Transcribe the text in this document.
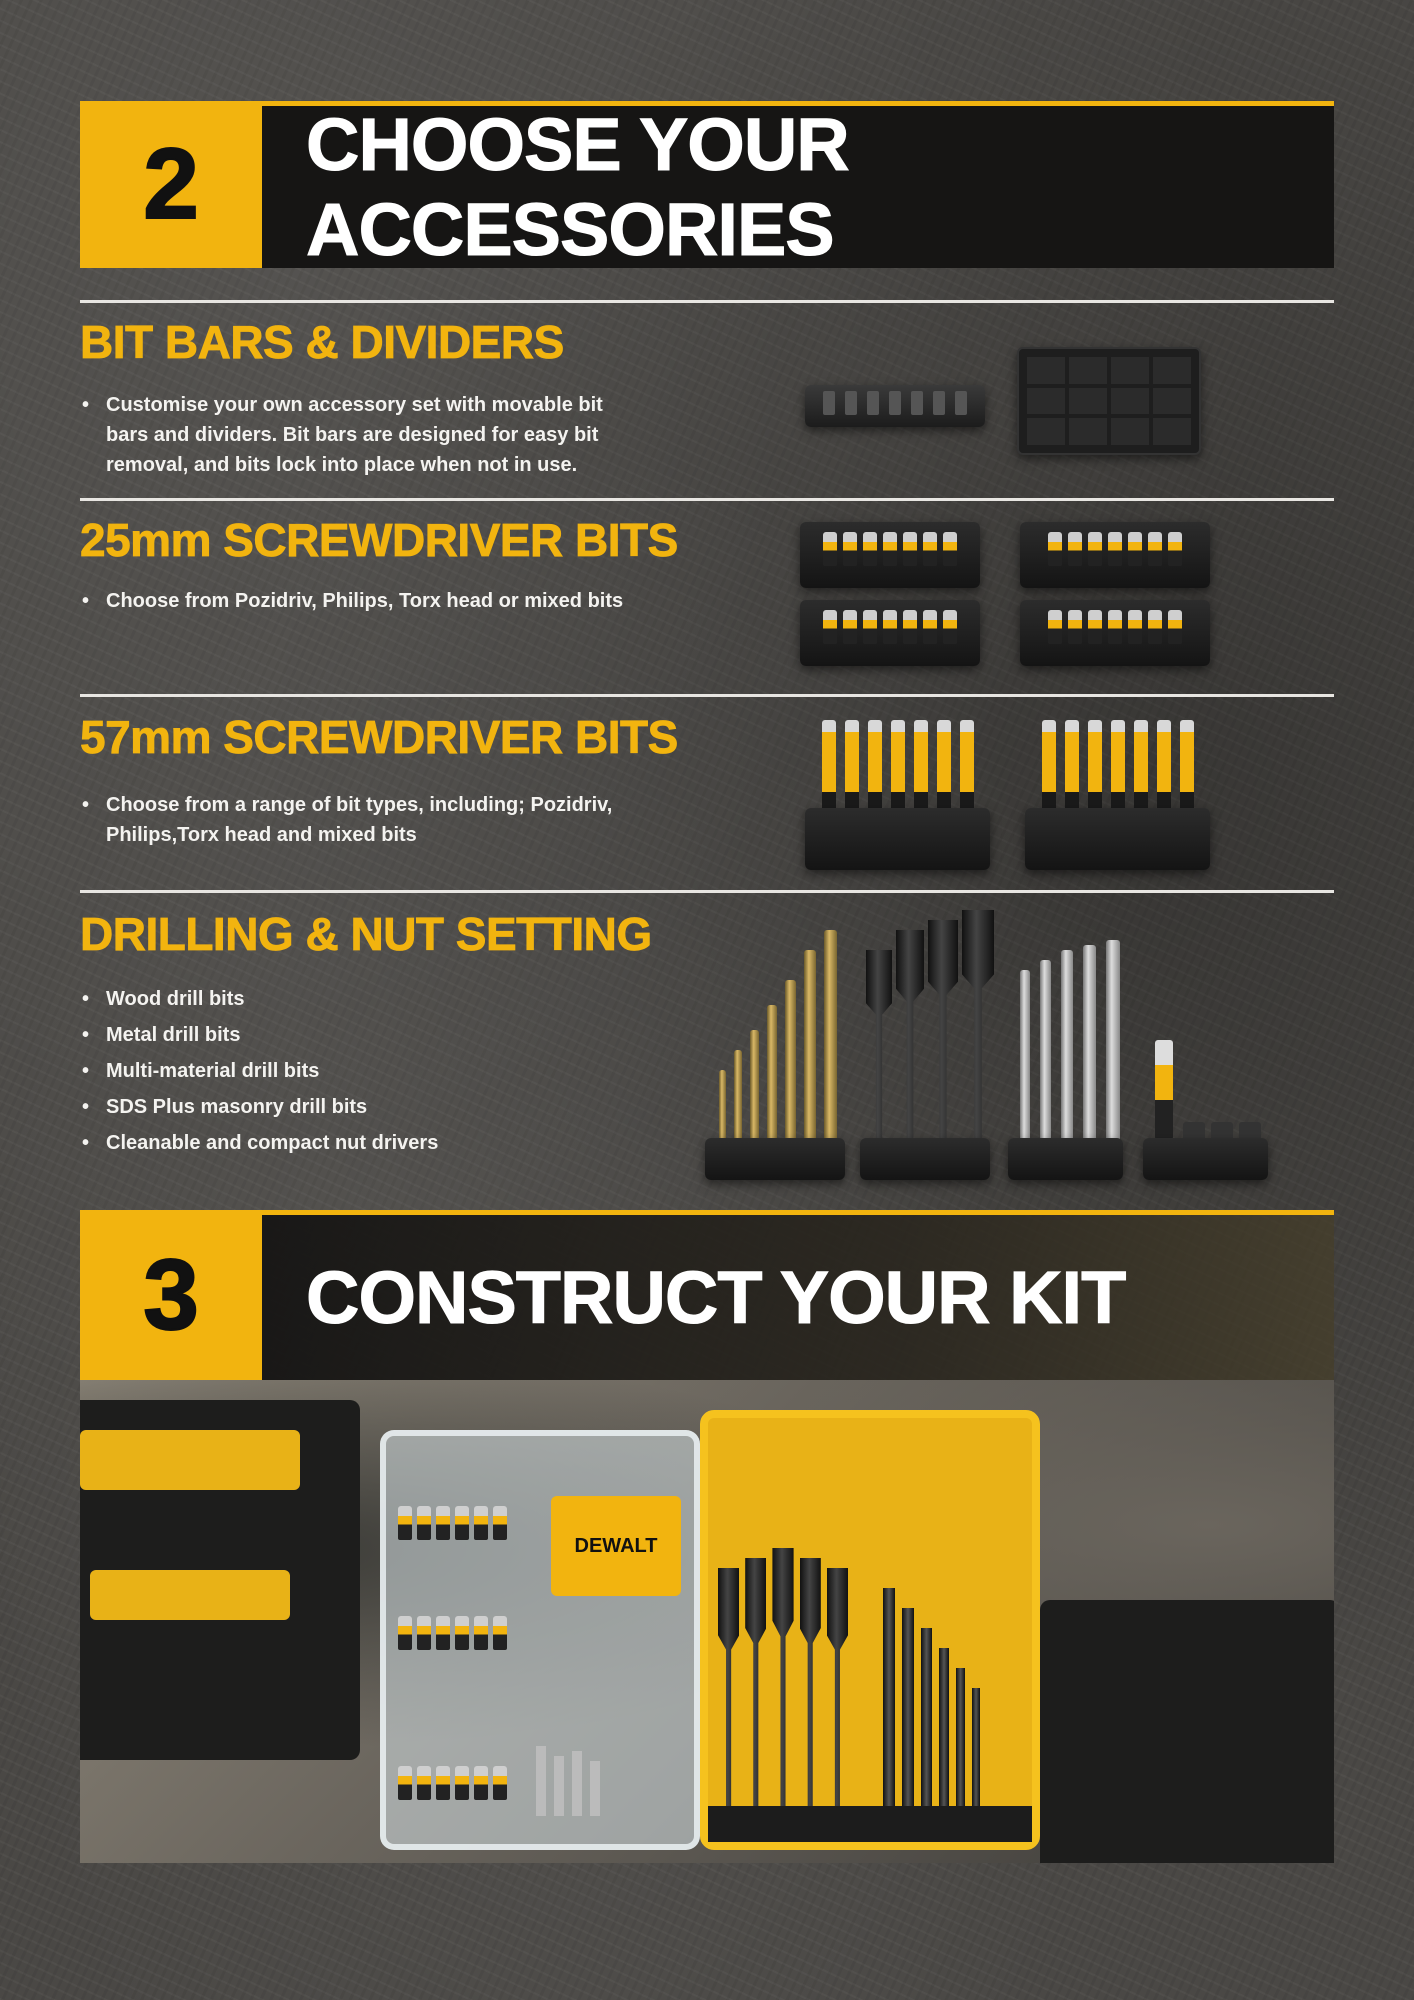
2	CHOOSE YOUR ACCESSORIES
BIT BARS & DIVIDERS
• Customise your own accessory set with movable bit bars and dividers. Bit bars are designed for easy bit removal, and bits lock into place when not in use.
25mm SCREWDRIVER BITS
• Choose from Pozidriv, Philips, Torx head or mixed bits
57mm SCREWDRIVER BITS
• Choose from a range of bit types, including; Pozidriv, Philips,Torx head and mixed bits
DRILLING & NUT SETTING
• Wood drill bits
• Metal drill bits
• Multi-material drill bits
• SDS Plus masonry drill bits
• Cleanable and compact nut drivers
3	CONSTRUCT YOUR KIT
DEWALT
